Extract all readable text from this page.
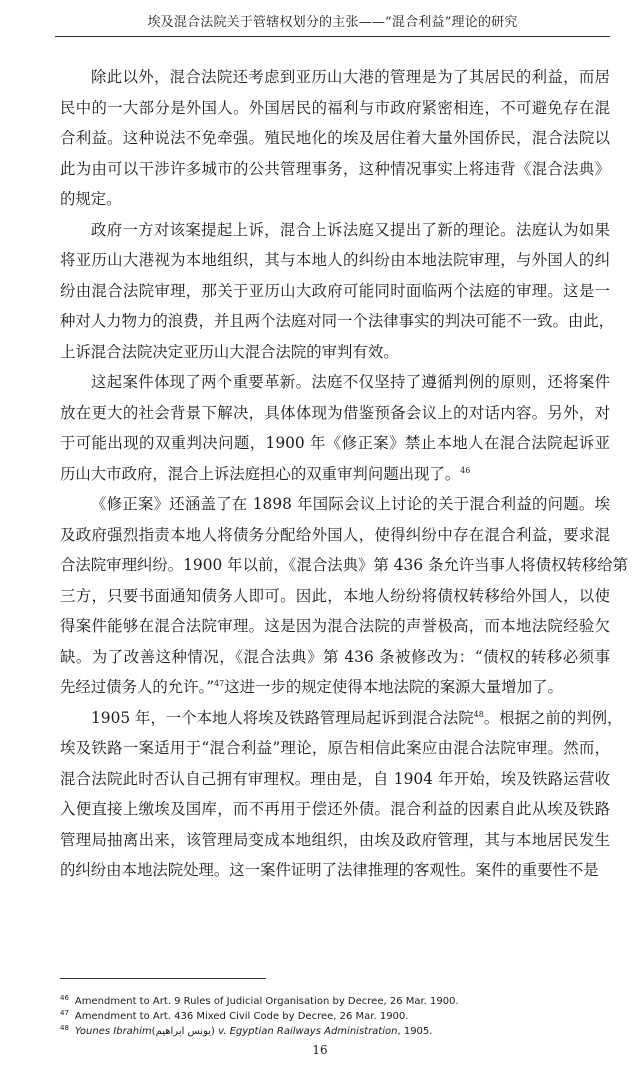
埃及混合法院关于管辖权划分的主张——“混合利益”理论的研究

除此以外，混合法院还考虑到亚历山大港的管理是为了其居民的利益，而居
民中的一大部分是外国人。外国居民的福利与市政府紧密相连，不可避免存在混
合利益。这种说法不免牵强。殖民地化的埃及居住着大量外国侨民，混合法院以
此为由可以干涉许多城市的公共管理事务，这种情况事实上将违背《混合法典》
的规定。

政府一方对该案提起上诉，混合上诉法庭又提出了新的理论。法庭认为如果
将亚历山大港视为本地组织，其与本地人的纠纷由本地法院审理，与外国人的纠
纷由混合法院审理，那关于亚历山大政府可能同时面临两个法庭的审理。这是一
种对人力物力的浪费，并且两个法庭对同一个法律事实的判决可能不一致。由此，
上诉混合法院决定亚历山大混合法院的审判有效。

这起案件体现了两个重要革新。法庭不仅坚持了遵循判例的原则，还将案件
放在更大的社会背景下解决，具体体现为借鉴预备会议上的对话内容。另外，对
于可能出现的双重判决问题，1900 年《修正案》禁止本地人在混合法院起诉亚
历山大市政府，混合上诉法庭担心的双重审判问题出现了。$^{46}$

《修正案》还涵盖了在 1898 年国际会议上讨论的关于混合利益的问题。埃
及政府强烈指责本地人将债务分配给外国人，使得纠纷中存在混合利益，要求混
合法院审理纠纷。1900 年以前，《混合法典》第 436 条允许当事人将债权转移给第
三方，只要书面通知债务人即可。因此，本地人纷纷将债权转移给外国人，以使
得案件能够在混合法院审理。这是因为混合法院的声誉极高，而本地法院经验欠
缺。为了改善这种情况，《混合法典》第 436 条被修改为：“债权的转移必须事
先经过债务人的允许。”$^{47}$这进一步的规定使得本地法院的案源大量增加了。

1905 年，一个本地人将埃及铁路管理局起诉到混合法院$^{48}$。根据之前的判例，
埃及铁路一案适用于“混合利益”理论，原告相信此案应由混合法院审理。然而，
混合法院此时否认自己拥有审理权。理由是，自 1904 年开始，埃及铁路运营收
入便直接上缴埃及国库，而不再用于偿还外债。混合利益的因素自此从埃及铁路
管理局抽离出来，该管理局变成本地组织，由埃及政府管理，其与本地居民发生
的纠纷由本地法院处理。这一案件证明了法律推理的客观性。案件的重要性不是

$^{46}$ Amendment to Art. 9 Rules of Judicial Organisation by Decree, 26 Mar. 1900.
$^{47}$ Amendment to Art. 436 Mixed Civil Code by Decree, 26 Mar. 1900.
$^{48}$ Younes Ibrahim(يونس ابراهيم) v. Egyptian Railways Administration, 1905.
16
